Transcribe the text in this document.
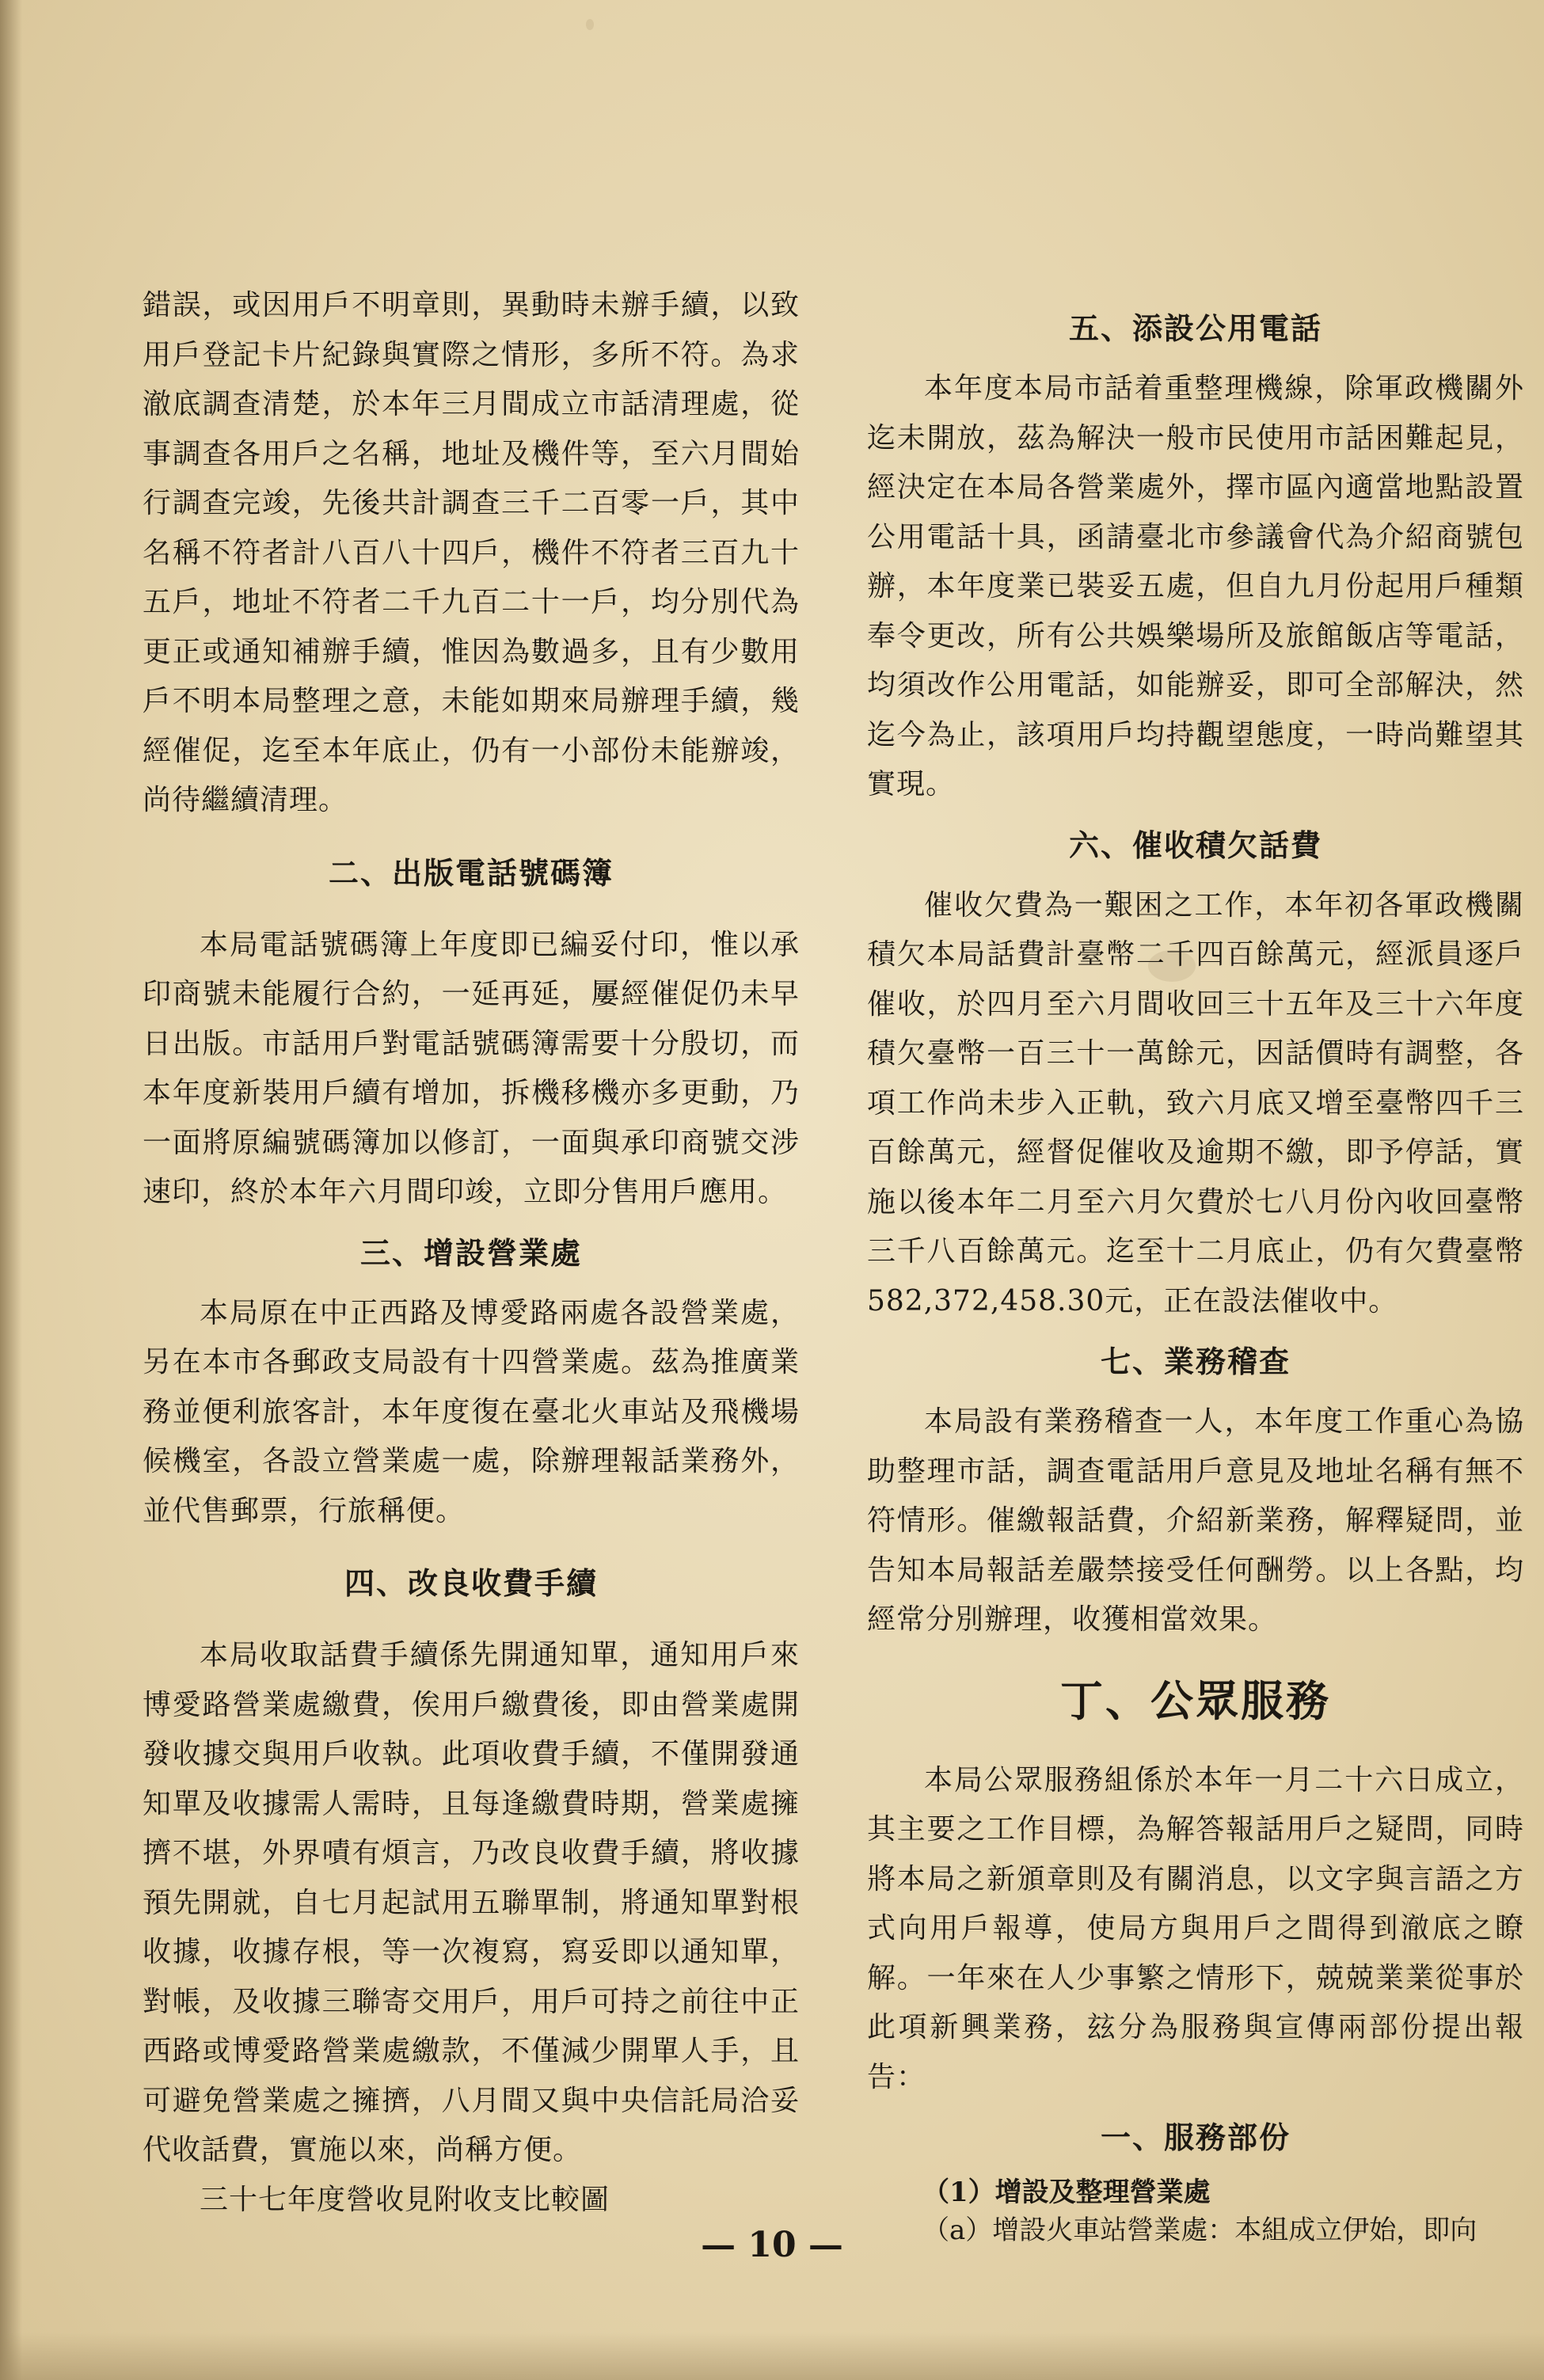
錯誤，或因用戶不明章則，異動時未辦手續，以致用戶登記卡片紀錄與實際之情形，多所不符。為求澈底調查清楚，於本年三月間成立市話清理處，從事調查各用戶之名稱，地址及機件等，至六月間始行調查完竣，先後共計調查三千二百零一戶，其中名稱不符者計八百八十四戶，機件不符者三百九十五戶，地址不符者二千九百二十一戶，均分別代為更正或通知補辦手續，惟因為數過多，且有少數用戶不明本局整理之意，未能如期來局辦理手續，幾經催促，迄至本年底止，仍有一小部份未能辦竣，尚待繼續清理。

二、出版電話號碼簿

本局電話號碼簿上年度即已編妥付印，惟以承印商號未能履行合約，一延再延，屢經催促仍未早日出版。市話用戶對電話號碼簿需要十分殷切，而本年度新裝用戶續有增加，拆機移機亦多更動，乃一面將原編號碼簿加以修訂，一面與承印商號交涉速印，終於本年六月間印竣，立即分售用戶應用。

三、增設營業處

本局原在中正西路及博愛路兩處各設營業處，另在本市各郵政支局設有十四營業處。茲為推廣業務並便利旅客計，本年度復在臺北火車站及飛機場候機室，各設立營業處一處，除辦理報話業務外，並代售郵票，行旅稱便。

四、改良收費手續

本局收取話費手續係先開通知單，通知用戶來博愛路營業處繳費，俟用戶繳費後，即由營業處開發收據交與用戶收執。此項收費手續，不僅開發通知單及收據需人需時，且每逢繳費時期，營業處擁擠不堪，外界嘖有煩言，乃改良收費手續，將收據預先開就，自七月起試用五聯單制，將通知單對根收據，收據存根，等一次複寫，寫妥即以通知單，對帳，及收據三聯寄交用戶，用戶可持之前往中正西路或博愛路營業處繳款，不僅減少開單人手，且可避免營業處之擁擠，八月間又與中央信託局洽妥代收話費，實施以來，尚稱方便。

三十七年度營收見附收支比較圖

五、添設公用電話

本年度本局市話着重整理機線，除軍政機關外迄未開放，茲為解決一般市民使用市話困難起見，經決定在本局各營業處外，擇市區內適當地點設置公用電話十具，函請臺北市參議會代為介紹商號包辦，本年度業已裝妥五處，但自九月份起用戶種類奉令更改，所有公共娛樂場所及旅館飯店等電話，均須改作公用電話，如能辦妥，即可全部解決，然迄今為止，該項用戶均持觀望態度，一時尚難望其實現。

六、催收積欠話費

催收欠費為一艱困之工作，本年初各軍政機關積欠本局話費計臺幣二千四百餘萬元，經派員逐戶催收，於四月至六月間收回三十五年及三十六年度積欠臺幣一百三十一萬餘元，因話價時有調整，各項工作尚未步入正軌，致六月底又增至臺幣四千三百餘萬元，經督促催收及逾期不繳，即予停話，實施以後本年二月至六月欠費於七八月份內收回臺幣三千八百餘萬元。迄至十二月底止，仍有欠費臺幣582,372,458.30元，正在設法催收中。

七、業務稽查

本局設有業務稽查一人，本年度工作重心為協助整理市話，調查電話用戶意見及地址名稱有無不符情形。催繳報話費，介紹新業務，解釋疑問，並告知本局報話差嚴禁接受任何酬勞。以上各點，均經常分別辦理，收獲相當效果。

丁、公眾服務

本局公眾服務組係於本年一月二十六日成立，其主要之工作目標，為解答報話用戶之疑問，同時將本局之新頒章則及有關消息，以文字與言語之方式向用戶報導，使局方與用戶之間得到澈底之瞭解。一年來在人少事繁之情形下，兢兢業業從事於此項新興業務，玆分為服務與宣傳兩部份提出報告：

一、服務部份

（1）增設及整理營業處

（a）增設火車站營業處：本組成立伊始，即向

— 10 —
